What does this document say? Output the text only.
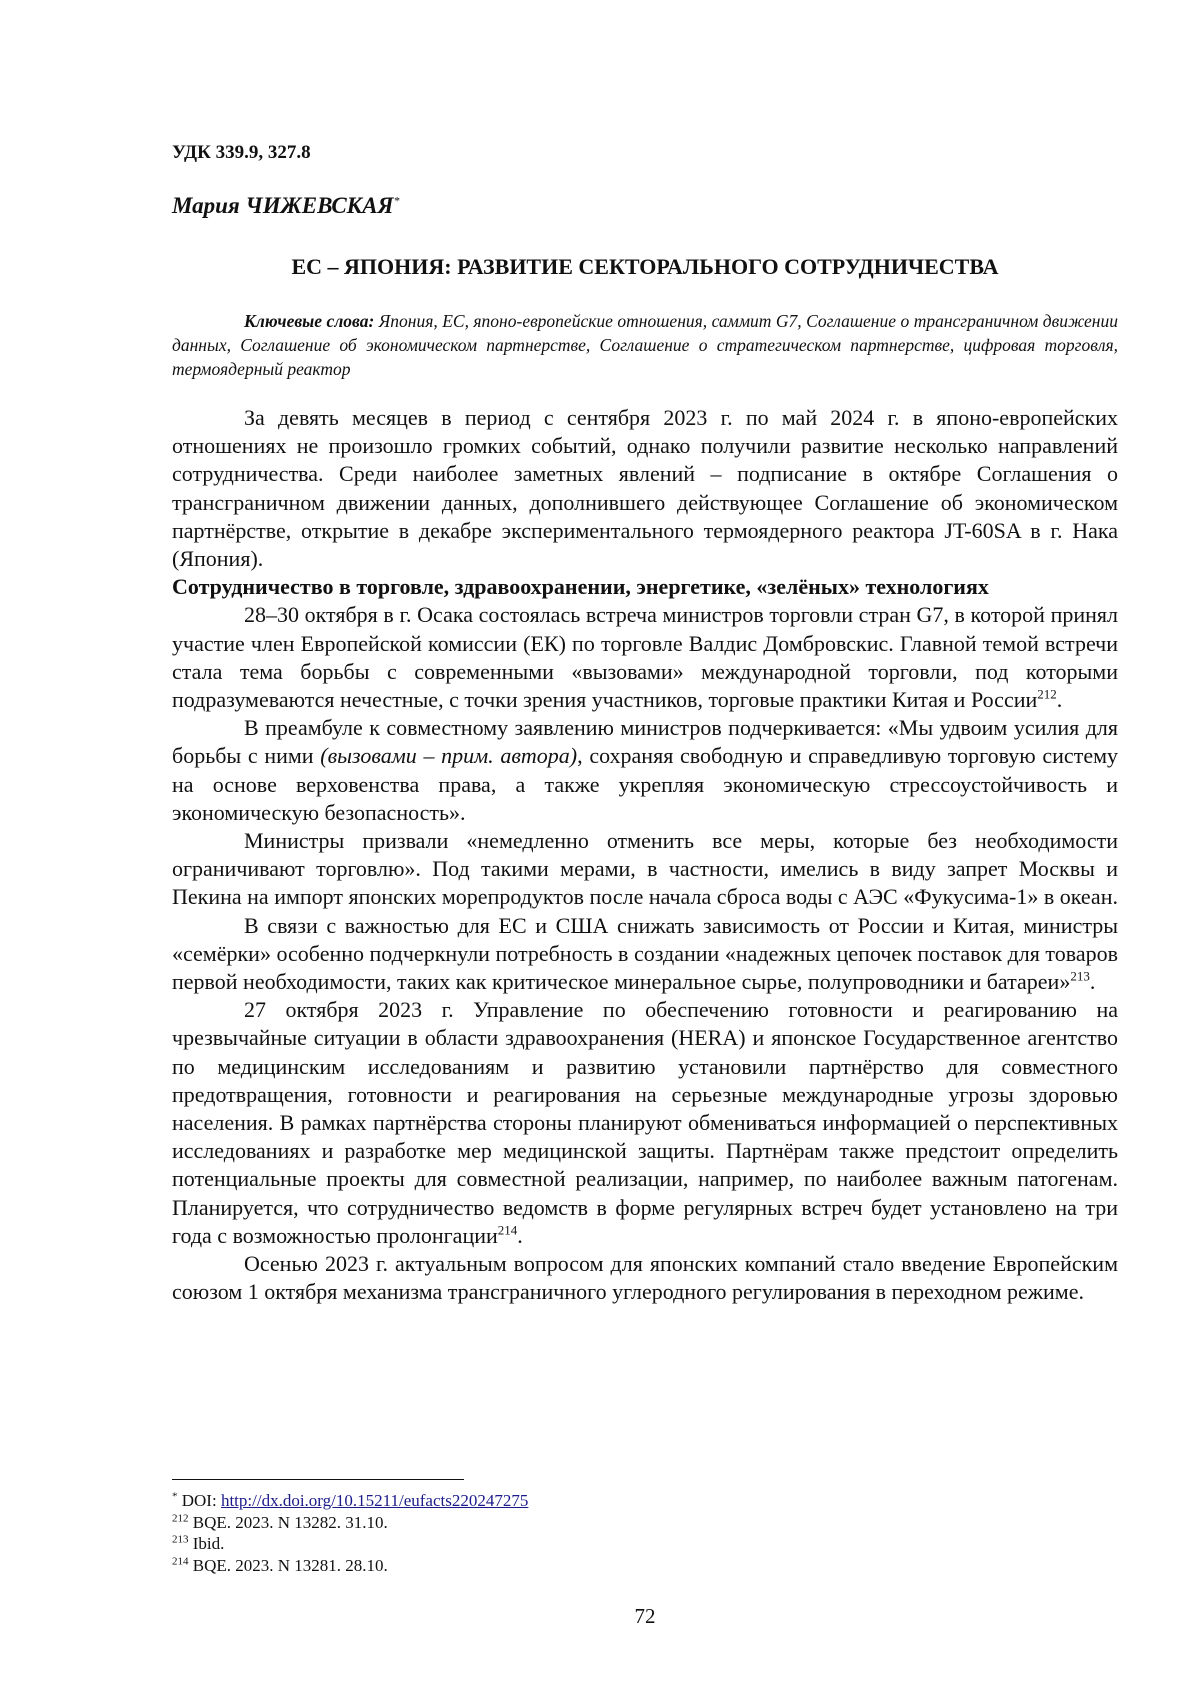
УДК 339.9, 327.8
Мария ЧИЖЕВСКАЯ*
ЕС – ЯПОНИЯ: РАЗВИТИЕ СЕКТОРАЛЬНОГО СОТРУДНИЧЕСТВА
Ключевые слова: Япония, ЕС, японо-европейские отношения, саммит G7, Соглашение о трансграничном движении данных, Соглашение об экономическом партнерстве, Соглашение о стратегическом партнерстве, цифровая торговля, термоядерный реактор

За девять месяцев в период с сентября 2023 г. по май 2024 г. в японо-европейских отношениях не произошло громких событий, однако получили развитие несколько направлений сотрудничества. Среди наиболее заметных явлений – подписание в октябре Соглашения о трансграничном движении данных, дополнившего действующее Соглашение об экономическом партнёрстве, открытие в декабре экспериментального термоядерного реактора JT-60SA в г. Нака (Япония).

Сотрудничество в торговле, здравоохранении, энергетике, «зелёных» технологиях

28‒30 октября в г. Осака состоялась встреча министров торговли стран G7, в которой принял участие член Европейской комиссии (ЕК) по торговле Валдис Домбровскис. Главной темой встречи стала тема борьбы с современными «вызовами» международной торговли, под которыми подразумеваются нечестные, с точки зрения участников, торговые практики Китая и России$^{212}$.

В преамбуле к совместному заявлению министров подчеркивается: «Мы удвоим усилия для борьбы с ними (вызовами – прим. автора), сохраняя свободную и справедливую торговую систему на основе верховенства права, а также укрепляя экономическую стрессоустойчивость и экономическую безопасность».

Министры призвали «немедленно отменить все меры, которые без необходимости ограничивают торговлю». Под такими мерами, в частности, имелись в виду запрет Москвы и Пекина на импорт японских морепродуктов после начала сброса воды с АЭС «Фукусима-1» в океан.

В связи с важностью для ЕС и США снижать зависимость от России и Китая, министры «семёрки» особенно подчеркнули потребность в создании «надежных цепочек поставок для товаров первой необходимости, таких как критическое минеральное сырье, полупроводники и батареи»$^{213}$.

27 октября 2023 г. Управление по обеспечению готовности и реагированию на чрезвычайные ситуации в области здравоохранения (HERA) и японское Государственное агентство по медицинским исследованиям и развитию установили партнёрство для совместного предотвращения, готовности и реагирования на серьезные международные угрозы здоровью населения. В рамках партнёрства стороны планируют обмениваться информацией о перспективных исследованиях и разработке мер медицинской защиты. Партнёрам также предстоит определить потенциальные проекты для совместной реализации, например, по наиболее важным патогенам. Планируется, что сотрудничество ведомств в форме регулярных встреч будет установлено на три года с возможностью пролонгации$^{214}$.

Осенью 2023 г. актуальным вопросом для японских компаний стало введение Европейским союзом 1 октября механизма трансграничного углеродного регулирования в переходном режиме.

* DOI: http://dx.doi.org/10.15211/eufacts220247275
$^{212}$ BQE. 2023. N 13282. 31.10.
$^{213}$ Ibid.
$^{214}$ BQE. 2023. N 13281. 28.10.
72
